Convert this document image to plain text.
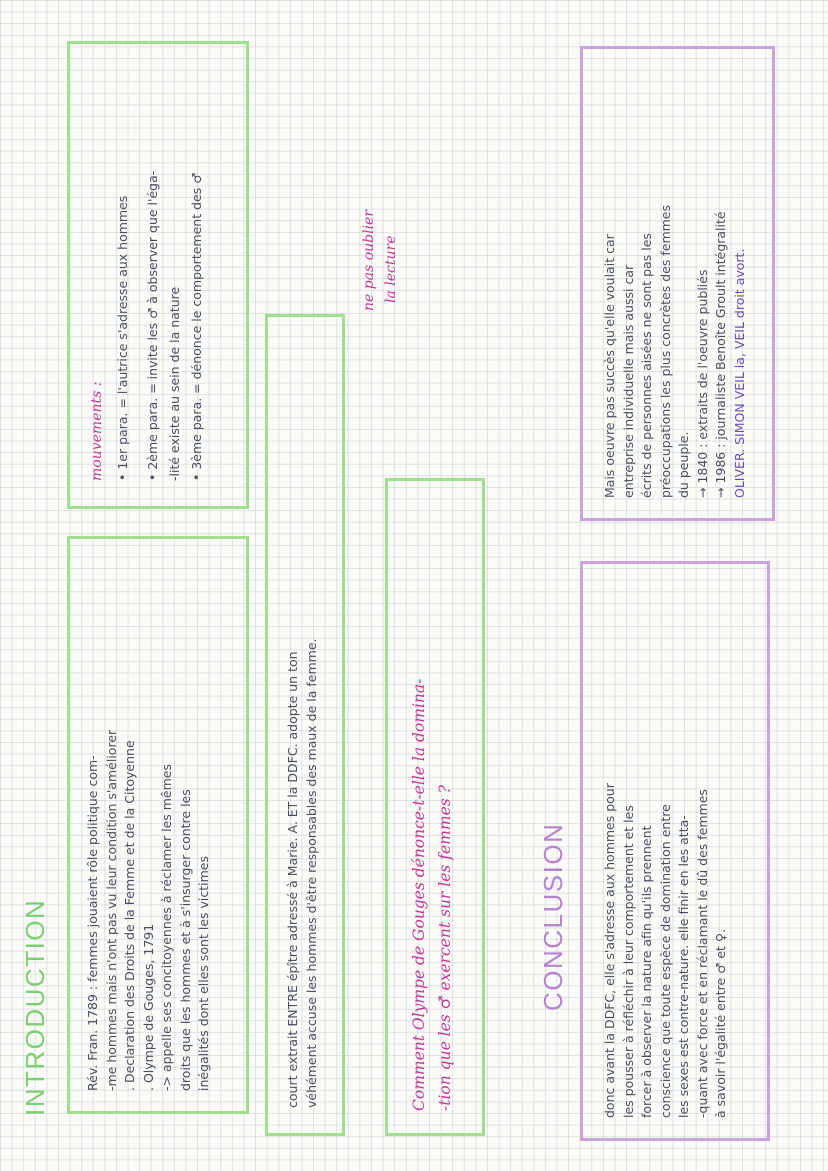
INTRODUCTION	Rév. Fran. 1789 : femmes jouaient rôle politique com- -me hommes mais n'ont pas vu leur condition s'améliorer . Declaration des Droits de la Femme et de la Citoyenne . Olympe de Gouges, 1791 -> appelle ses concitoyennes à réclamer les mêmes droits que les hommes et à s'insurger contre les inégalités dont elles sont les victimes
mouvements : • 1er para. = l'autrice s'adresse aux hommes	• 2ème para. = invite les ♂ à observer que l'éga- -lité existe au sein de la nature • 3ème para. = dénonce le comportement des ♂
court extrait ENTRE épître adressé à Marie. A. ET la DDFC. adopte un ton véhément accuse les hommes d'être responsables des maux de la femme.
ne pas oublier la lecture
Comment Olympe de Gouges dénonce-t-elle la domina- -tion que les ♂ exercent sur les femmes ?	CONCLUSION	donc avant la DDFC, elle s'adresse aux hommes pour les pousser à réfléchir à leur comportement et les forcer à observer la nature afin qu'ils prennent conscience que toute espèce de domination entre les sexes est contre-nature. elle finir en les atta- -quant avec force et en réclamant le dû des femmes à savoir l'égalité entre ♂ et ♀.
Mais oeuvre pas succès qu'elle voulait car entreprise individuelle mais aussi car écrits de personnes aisées ne sont pas les préoccupations les plus concrètes des femmes du peuple. → 1840 : extraits de l'oeuvre publiés → 1986 : journaliste Benoîte Groult intégralité OLIVER. SIMON VEIL la, VEIL droit avort.
